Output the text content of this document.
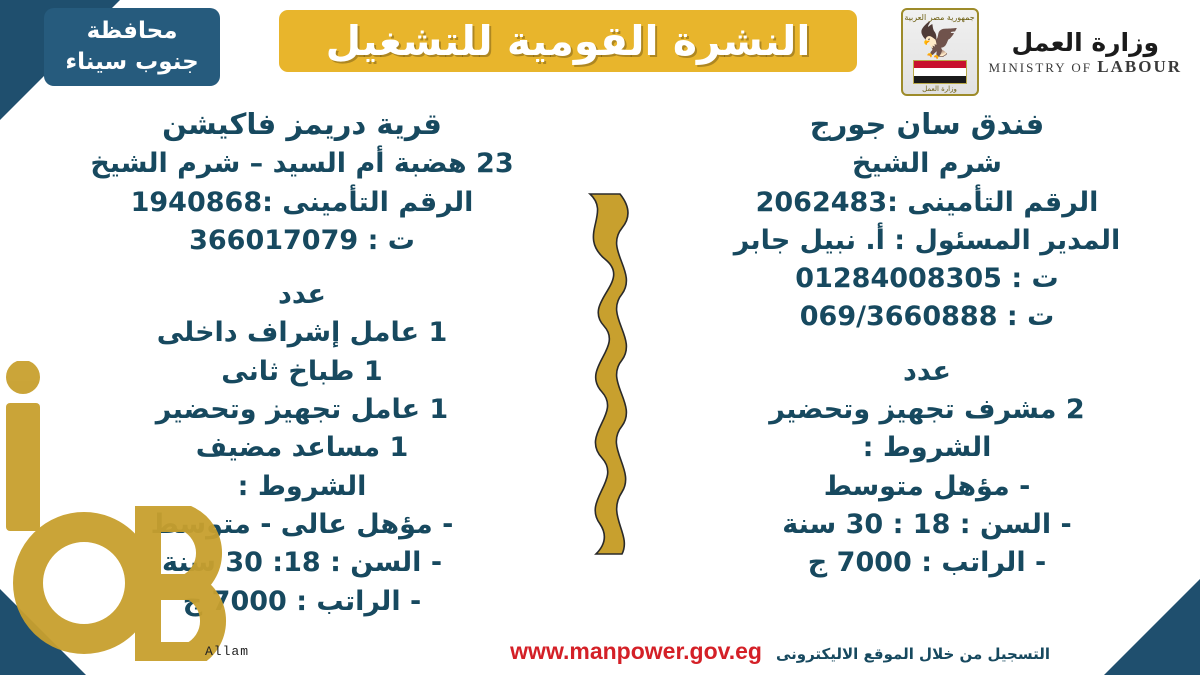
محافظة
جنوب سيناء	النشرة القومية للتشغيل	وزارة العمل
MINISTRY OF LABOUR
جمهورية مصر العربية
🦅
وزارة العمل
فندق سان جورج
شرم الشيخ
الرقم التأمينى :2062483
المدير المسئول : أ. نبيل جابر
ت : 01284008305
ت : 069/3660888
عدد
2 مشرف تجهيز وتحضير
الشروط :
- مؤهل متوسط
- السن : 18 : 30 سنة
- الراتب : 7000 ج
قرية دريمز فاكيشن
23 هضبة أم السيد – شرم الشيخ
الرقم التأمينى :1940868
ت : 366017079
عدد
1 عامل إشراف داخلى
1 طباخ ثانى
1 عامل تجهيز وتحضير
1 مساعد مضيف
الشروط :
- مؤهل عالى - متوسط
- السن : 18: 30 سنة
- الراتب : 7000 ج
Allam	التسجيل من خلال الموقع الاليكترونى
www.manpower.gov.eg
